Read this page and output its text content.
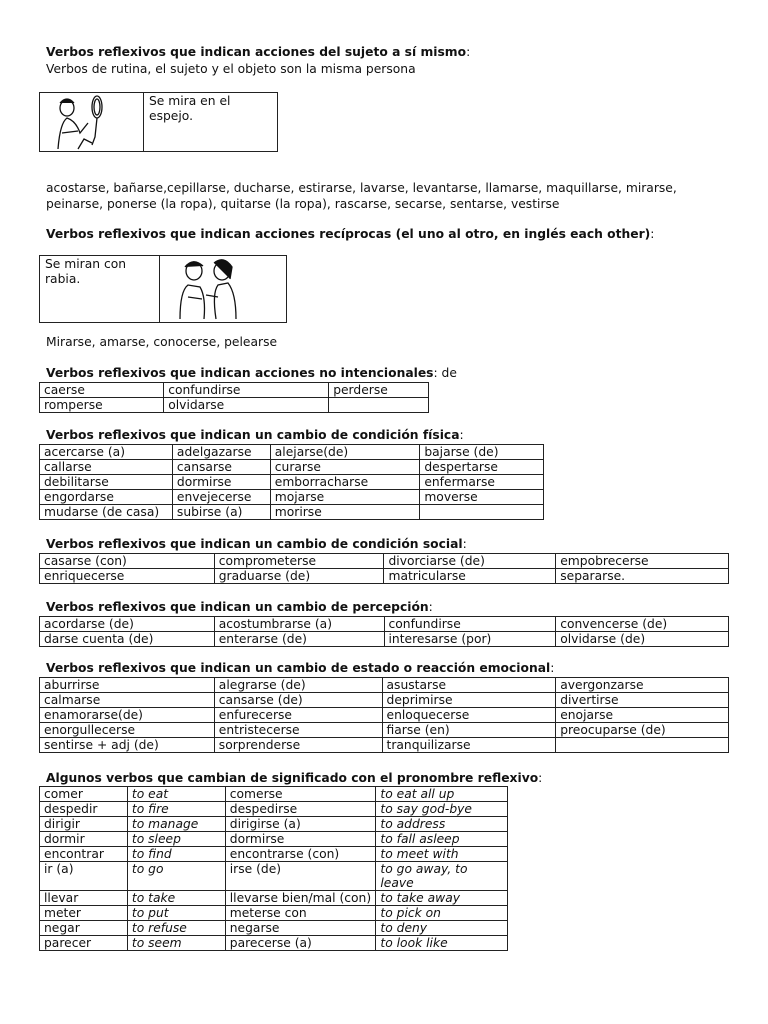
Verbos reflexivos que indican acciones del sujeto a sí mismo:
Verbos de rutina, el sujeto y el objeto son la misma persona
Se mira en el espejo.
acostarse, bañarse,cepillarse, ducharse, estirarse, lavarse, levantarse, llamarse, maquillarse, mirarse,
peinarse, ponerse (la ropa), quitarse (la ropa), rascarse, secarse, sentarse, vestirse
Verbos reflexivos que indican acciones recíprocas (el uno al otro, en inglés each other):
Se miran con rabia.
Mirarse, amarse, conocerse, pelearse
Verbos reflexivos que indican acciones no intencionales: de
caerse	confundirse	perderse
romperse	olvidarse	
Verbos reflexivos que indican un cambio de condición física:
acercarse (a)	adelgazarse	alejarse(de)	bajarse (de)
callarse	cansarse	curarse	despertarse
debilitarse	dormirse	emborracharse	enfermarse
engordarse	envejecerse	mojarse	moverse
mudarse (de casa)	subirse (a)	morirse	
Verbos reflexivos que indican un cambio de condición social:
casarse (con)	comprometerse	divorciarse (de)	empobrecerse
enriquecerse	graduarse (de)	matricularse	separarse.
Verbos reflexivos que indican un cambio de percepción:
acordarse (de)	acostumbrarse (a)	confundirse	convencerse (de)
darse cuenta (de)	enterarse (de)	interesarse (por)	olvidarse (de)
Verbos reflexivos que indican un cambio de estado o reacción emocional:
aburrirse	alegrarse (de)	asustarse	avergonzarse
calmarse	cansarse (de)	deprimirse	divertirse
enamorarse(de)	enfurecerse	enloquecerse	enojarse
enorgullecerse	entristecerse	fiarse (en)	preocuparse (de)
sentirse + adj (de)	sorprenderse	tranquilizarse	
Algunos verbos que cambian de significado con el pronombre reflexivo:
comer	to eat	comerse	to eat all up
despedir	to fire	despedirse	to say god-bye
dirigir	to manage	dirigirse (a)	to address
dormir	to sleep	dormirse	to fall asleep
encontrar	to find	encontrarse (con)	to meet with
ir (a)	to go	irse (de)	to go away, to leave
llevar	to take	llevarse bien/mal (con)	to take away
meter	to put	meterse con	to pick on
negar	to refuse	negarse	to deny
parecer	to seem	parecerse (a)	to look like
